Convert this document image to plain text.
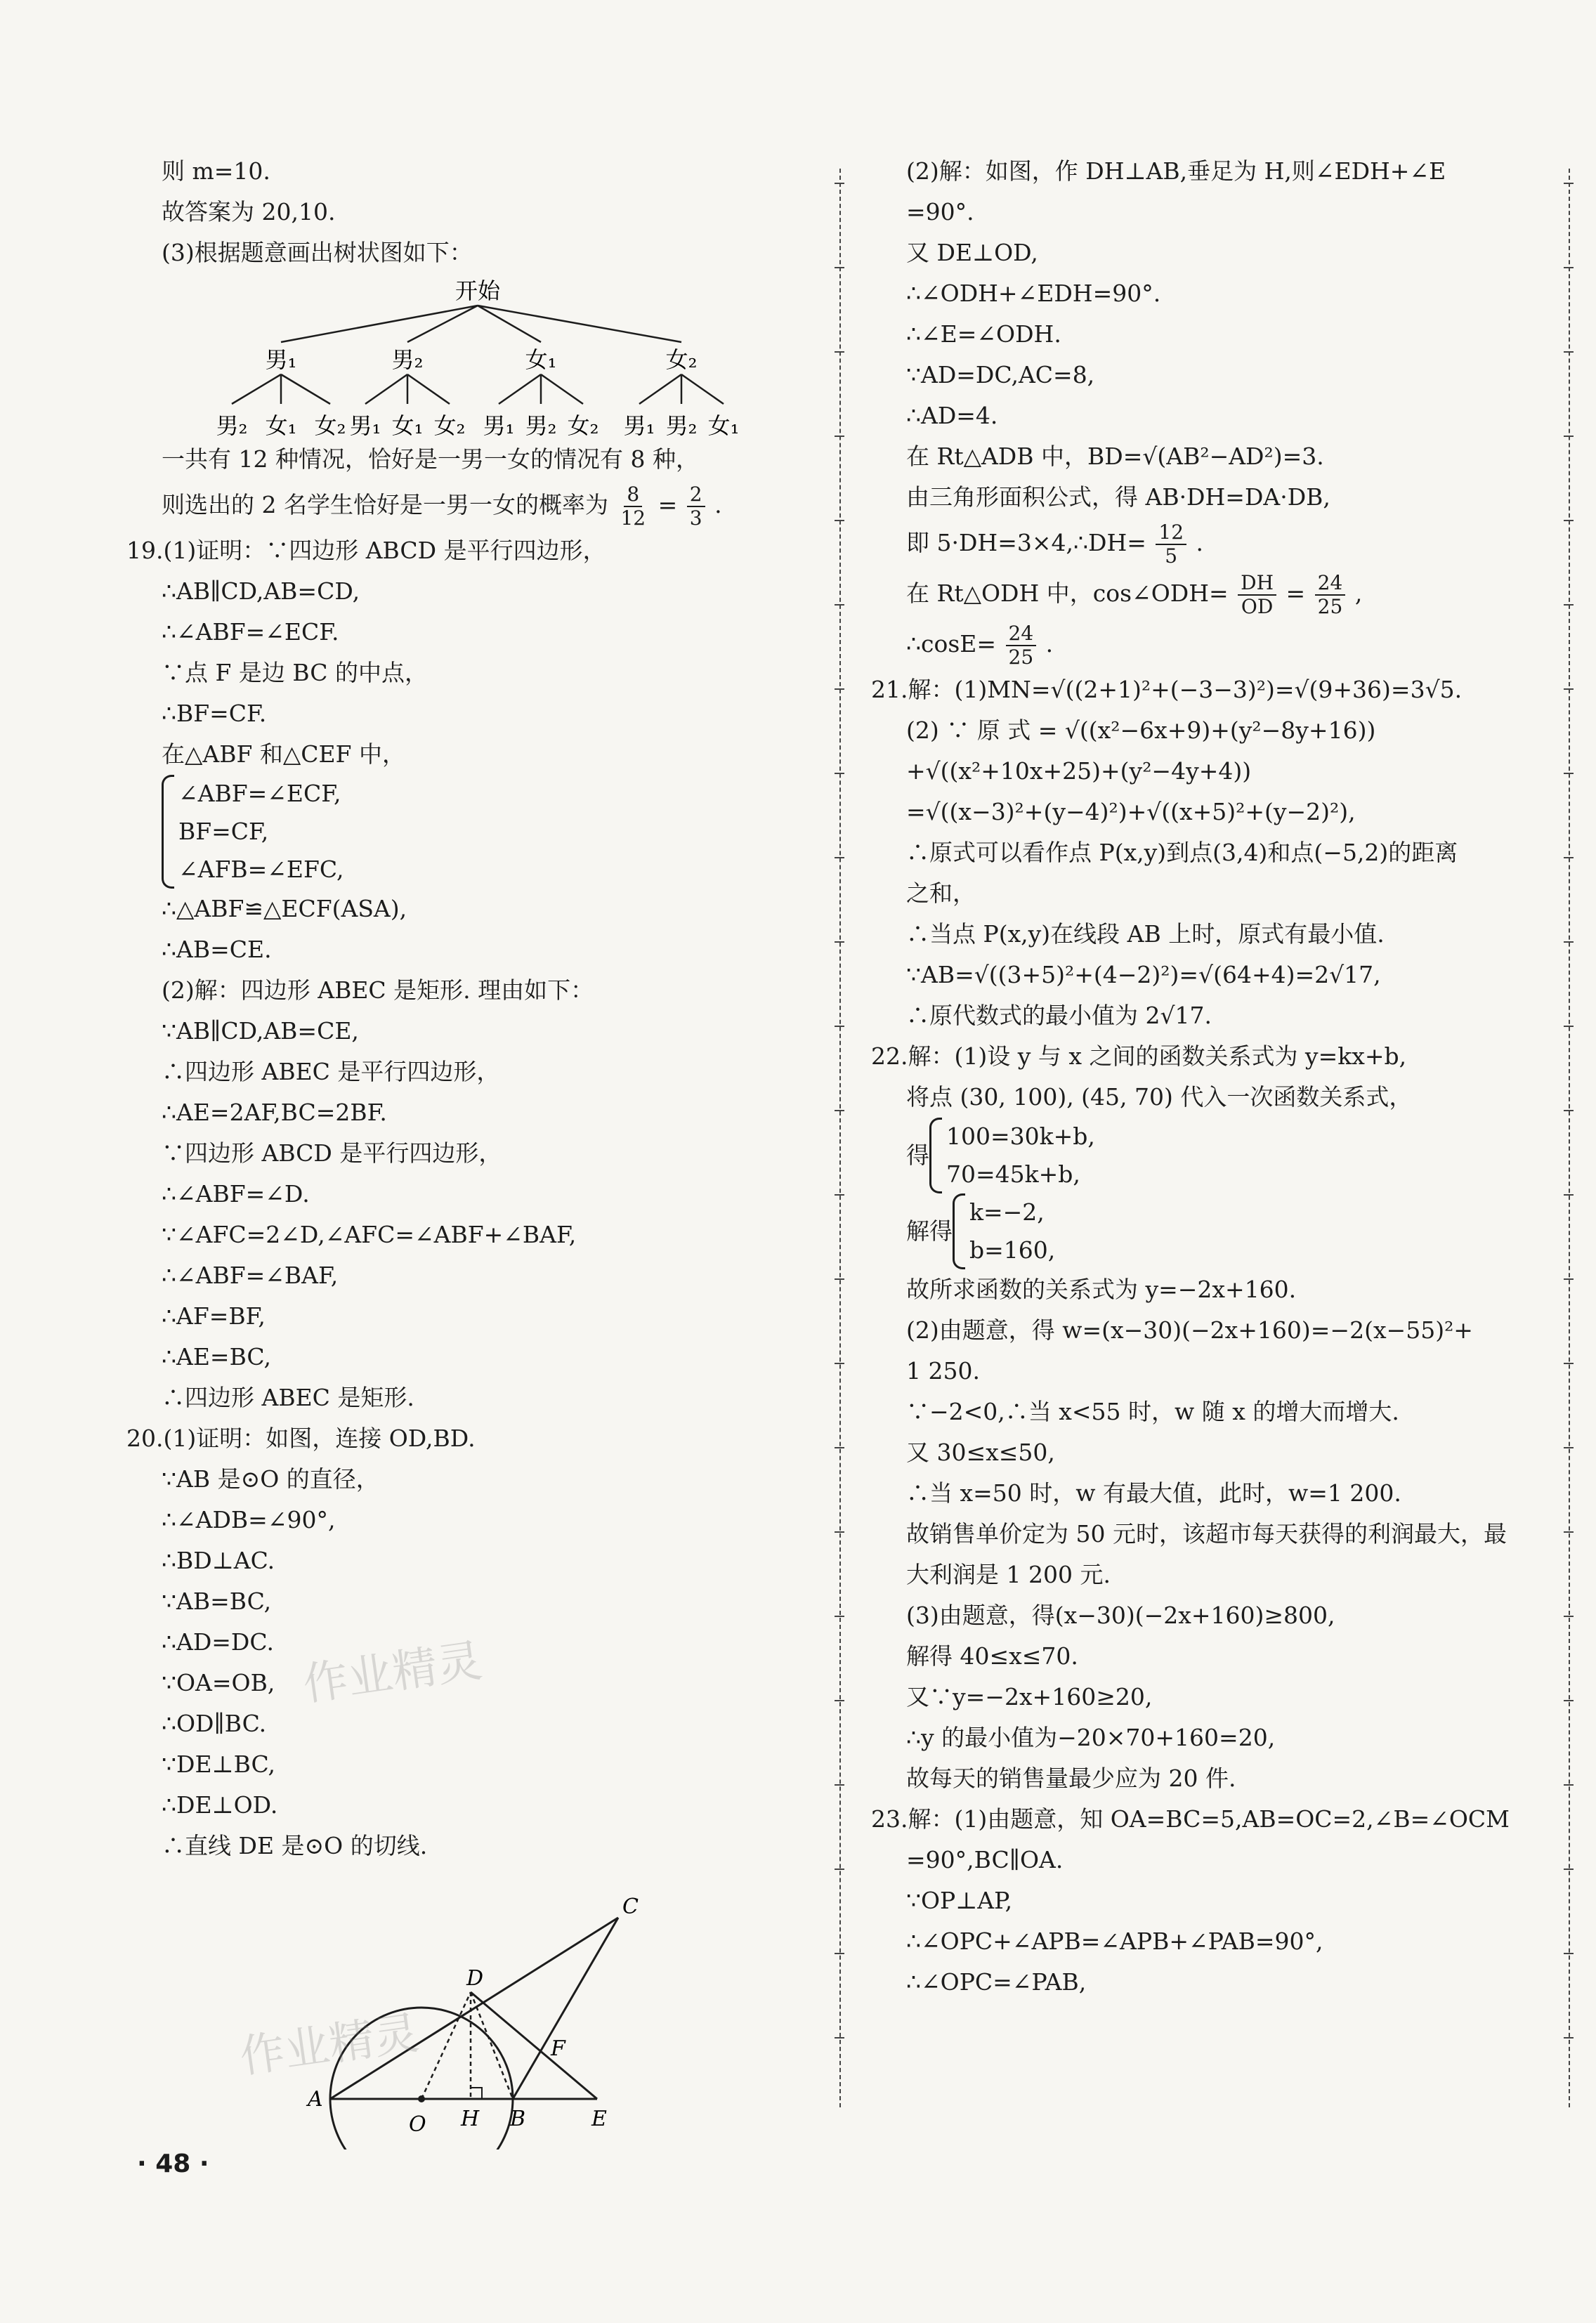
则 m=10.
故答案为 20,10.
(3)根据题意画出树状图如下：
一共有 12 种情况，恰好是一男一女的情况有 8 种，
则选出的 2 名学生恰好是一男一女的概率为 $\frac{8}{12} = \frac{2}{3}$ .
19.(1)证明：∵四边形 ABCD 是平行四边形，
∴AB∥CD,AB=CD,
∴∠ABF=∠ECF.
∵点 F 是边 BC 的中点，
∴BF=CF.
在△ABF 和△CEF 中，
∠ABF=∠ECF,
BF=CF,
∠AFB=∠EFC,
∴△ABF≌△ECF(ASA),
∴AB=CE.
(2)解：四边形 ABEC 是矩形. 理由如下：
∵AB∥CD,AB=CE,
∴四边形 ABEC 是平行四边形，
∴AE=2AF,BC=2BF.
∵四边形 ABCD 是平行四边形，
∴∠ABF=∠D.
∵∠AFC=2∠D,∠AFC=∠ABF+∠BAF,
∴∠ABF=∠BAF,
∴AF=BF,
∴AE=BC,
∴四边形 ABEC 是矩形.
20.(1)证明：如图，连接 OD,BD.
∵AB 是⊙O 的直径，
∴∠ADB=∠90°,
∴BD⊥AC.
∵AB=BC,
∴AD=DC.
∵OA=OB,
∴OD∥BC.
∵DE⊥BC,
∴DE⊥OD.
∴直线 DE 是⊙O 的切线.
开始
男₁	男₂	女₁	女₂
男₂ 女₁ 女₂ 男₁ 女₁ 女₂ 男₁ 男₂ 女₂ 男₁ 男₂ 女₁
C
D
F
A
O H B	E
(2)解：如图，作 DH⊥AB,垂足为 H,则∠EDH+∠E
=90°.
又 DE⊥OD,
∴∠ODH+∠EDH=90°.
∴∠E=∠ODH.
∵AD=DC,AC=8,
∴AD=4.
在 Rt△ADB 中，BD=√(AB²−AD²)=3.
由三角形面积公式，得 AB·DH=DA·DB,
即 5·DH=3×4,∴DH= $\frac{12}{5}$ .
在 Rt△ODH 中，cos∠ODH= $\frac{DH}{OD} = \frac{24}{25}$ ,
∴cosE= $\frac{24}{25}$ .
21.解：(1)MN=√((2+1)²+(−3−3)²)=√(9+36)=3√5.
(2) ∵ 原 式 = √((x²−6x+9)+(y²−8y+16))
+√((x²+10x+25)+(y²−4y+4))
=√((x−3)²+(y−4)²)+√((x+5)²+(y−2)²),
∴原式可以看作点 P(x,y)到点(3,4)和点(−5,2)的距离
之和，
∴当点 P(x,y)在线段 AB 上时，原式有最小值.
∵AB=√((3+5)²+(4−2)²)=√(64+4)=2√17,
∴原代数式的最小值为 2√17.
22.解：(1)设 y 与 x 之间的函数关系式为 y=kx+b,
将点 (30, 100), (45, 70) 代入一次函数关系式，
得
100=30k+b,
70=45k+b,
解得
k=−2,
b=160,
故所求函数的关系式为 y=−2x+160.
(2)由题意，得 w=(x−30)(−2x+160)=−2(x−55)²+
1 250.
∵−2<0,∴当 x<55 时，w 随 x 的增大而增大.
又 30≤x≤50,
∴当 x=50 时，w 有最大值，此时，w=1 200.
故销售单价定为 50 元时，该超市每天获得的利润最大，最
大利润是 1 200 元.
(3)由题意，得(x−30)(−2x+160)≥800,
解得 40≤x≤70.
又∵y=−2x+160≥20,
∴y 的最小值为−20×70+160=20,
故每天的销售量最少应为 20 件.
23.解：(1)由题意，知 OA=BC=5,AB=OC=2,∠B=∠OCM
=90°,BC∥OA.
∵OP⊥AP,
∴∠OPC+∠APB=∠APB+∠PAB=90°,
∴∠OPC=∠PAB,
作业精灵
作业精灵
· 48 ·
